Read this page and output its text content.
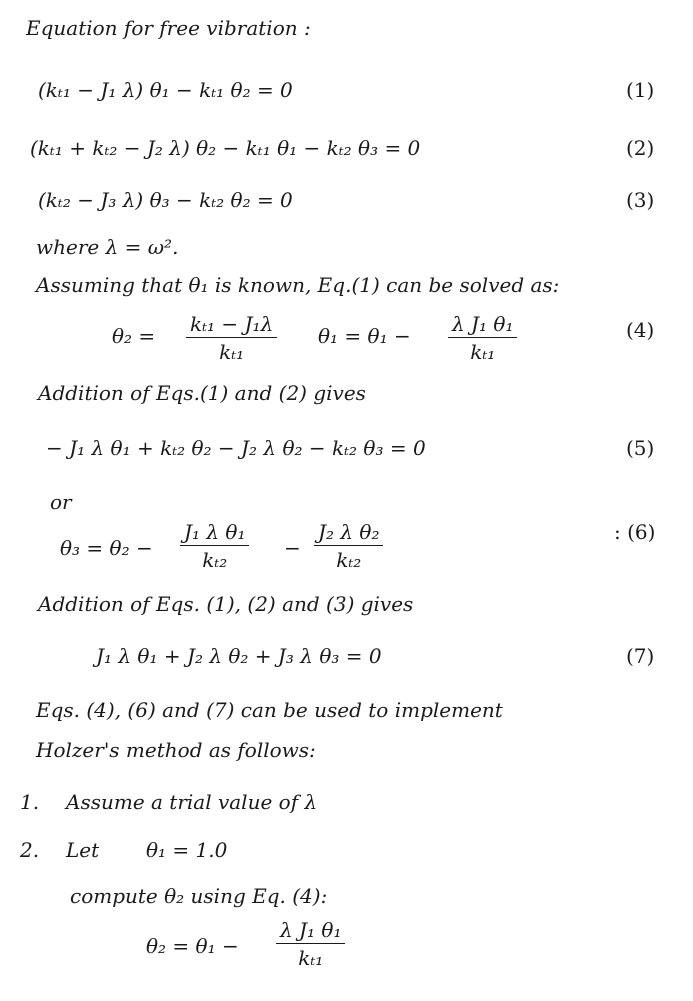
Equation for free vibration :
(kₜ₁ − J₁ λ) θ₁ − kₜ₁ θ₂ = 0	(1)
(kₜ₁ + kₜ₂ − J₂ λ) θ₂ − kₜ₁ θ₁ − kₜ₂ θ₃ = 0	(2)
(kₜ₂ − J₃ λ) θ₃ − kₜ₂ θ₂ = 0	(3)
where λ = ω².
Assuming that θ₁ is known, Eq.(1) can be solved as:
θ₂ = kₜ₁ − J₁λ
kₜ₁
θ₁ = θ₁ − λ J₁ θ₁
kₜ₁
(4)
Addition of Eqs.(1) and (2) gives
− J₁ λ θ₁ + kₜ₂ θ₂ − J₂ λ θ₂ − kₜ₂ θ₃ = 0	(5)
or
θ₃ = θ₂ −
J₁ λ θ₁
kₜ₂	−
J₂ λ θ₂
kₜ₂
: (6)
Addition of Eqs. (1), (2) and (3) gives
J₁ λ θ₁ + J₂ λ θ₂ + J₃ λ θ₃ = 0	(7)
Eqs. (4), (6) and (7) can be used to implement
Holzer's method as follows:
1. Assume a trial value of λ
2. Let θ₁ = 1.0
compute θ₂ using Eq. (4):
θ₂ = θ₁ −
λ J₁ θ₁
kₜ₁
